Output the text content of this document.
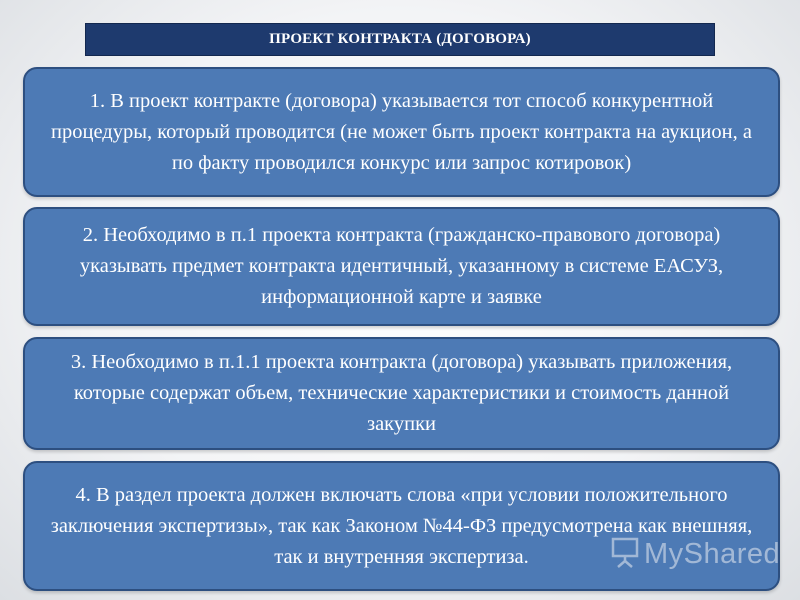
ПРОЕКТ КОНТРАКТА (ДОГОВОРА)

1. В проект контракте (договора) указывается тот способ конкурентной процедуры, который проводится (не может быть проект контракта на аукцион, а по факту проводился конкурс или запрос котировок)

2. Необходимо в п.1 проекта контракта (гражданско-правового договора) указывать предмет контракта идентичный, указанному в системе ЕАСУЗ, информационной карте и заявке

3. Необходимо в п.1.1 проекта контракта (договора) указывать приложения, которые содержат объем, технические характеристики и стоимость данной закупки

4. В раздел проекта должен включать слова «при условии положительного заключения экспертизы», так как Законом №44-ФЗ предусмотрена как внешняя, так и внутренняя экспертиза.	MyShared
